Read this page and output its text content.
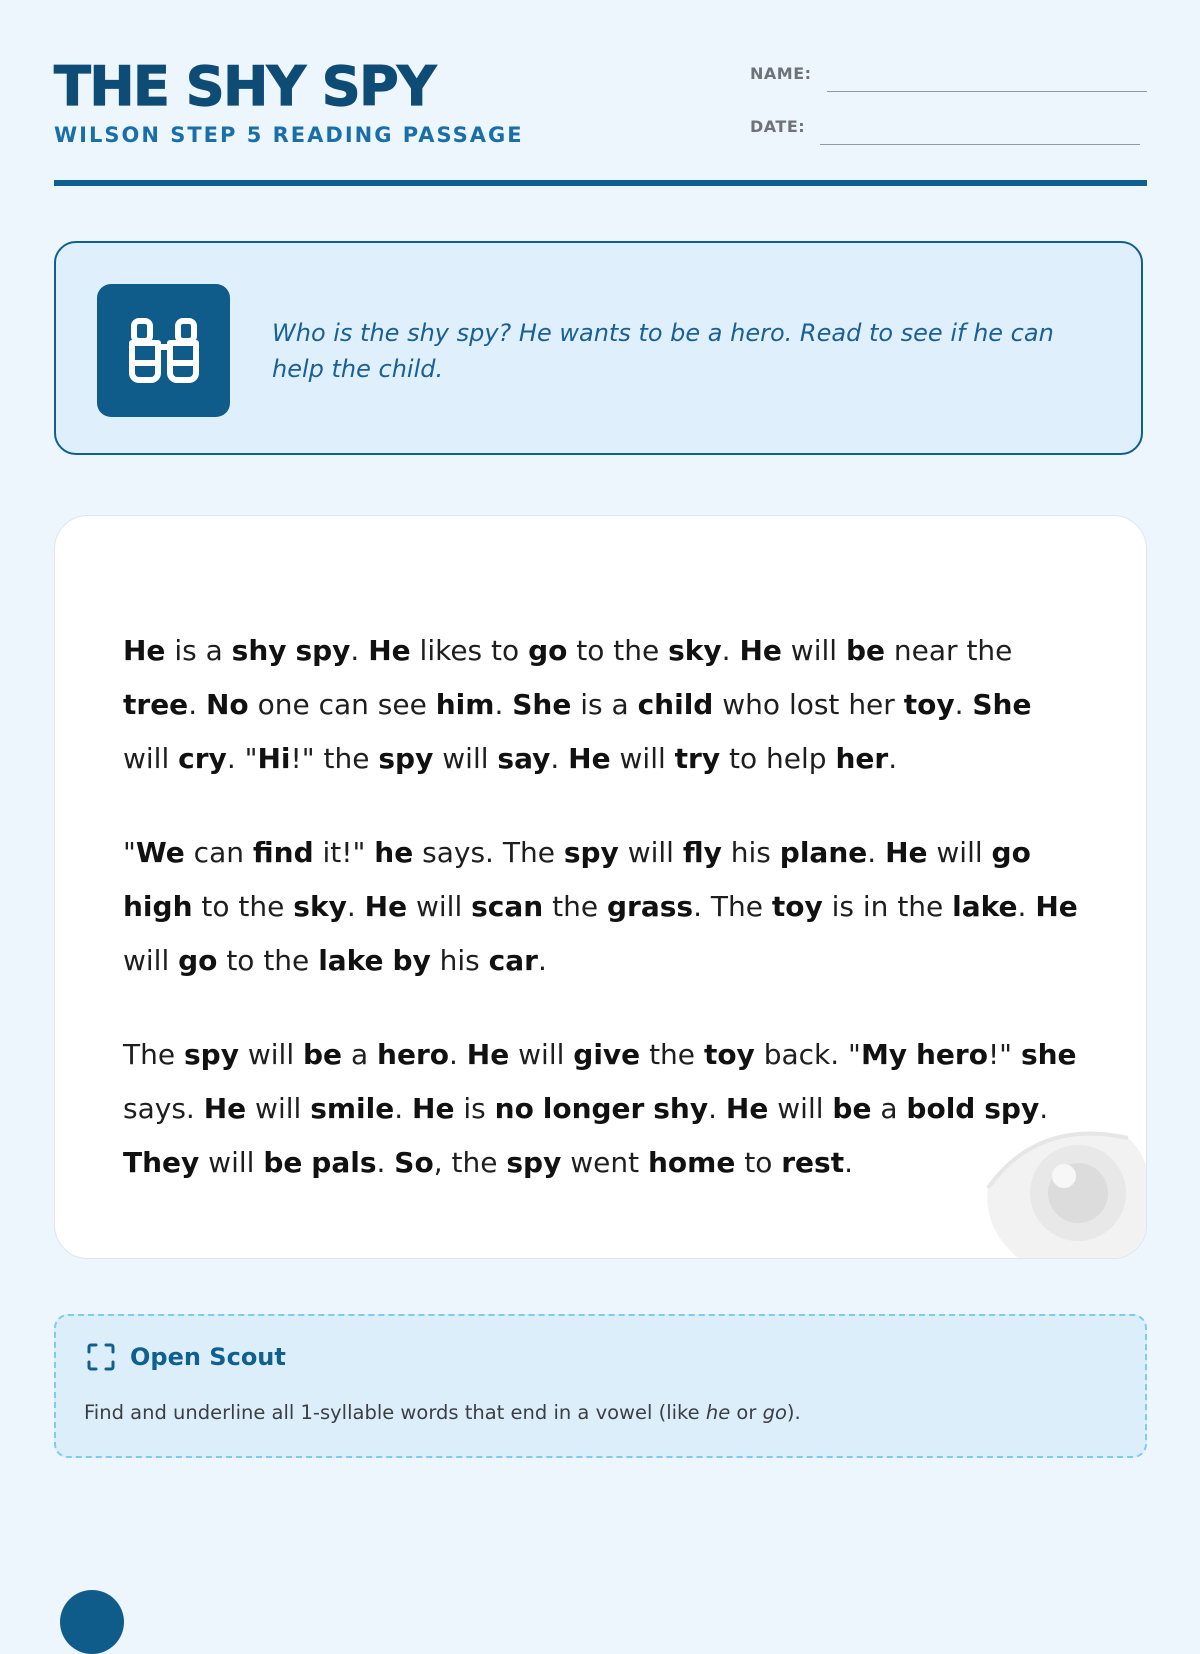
THE SHY SPY
WILSON STEP 5 READING PASSAGE
NAME:
DATE:
Who is the shy spy? He wants to be a hero. Read to see if he can help the child.

He is a shy spy. He likes to go to the sky. He will be near the tree. No one can see him. She is a child who lost her toy. She will cry. "Hi!" the spy will say. He will try to help her.

"We can find it!" he says. The spy will fly his plane. He will go high to the sky. He will scan the grass. The toy is in the lake. He will go to the lake by his car.

The spy will be a hero. He will give the toy back. "My hero!" she says. He will smile. He is no longer shy. He will be a bold spy. They will be pals. So, the spy went home to rest.

Open Scout
Find and underline all 1-syllable words that end in a vowel (like he or go).
